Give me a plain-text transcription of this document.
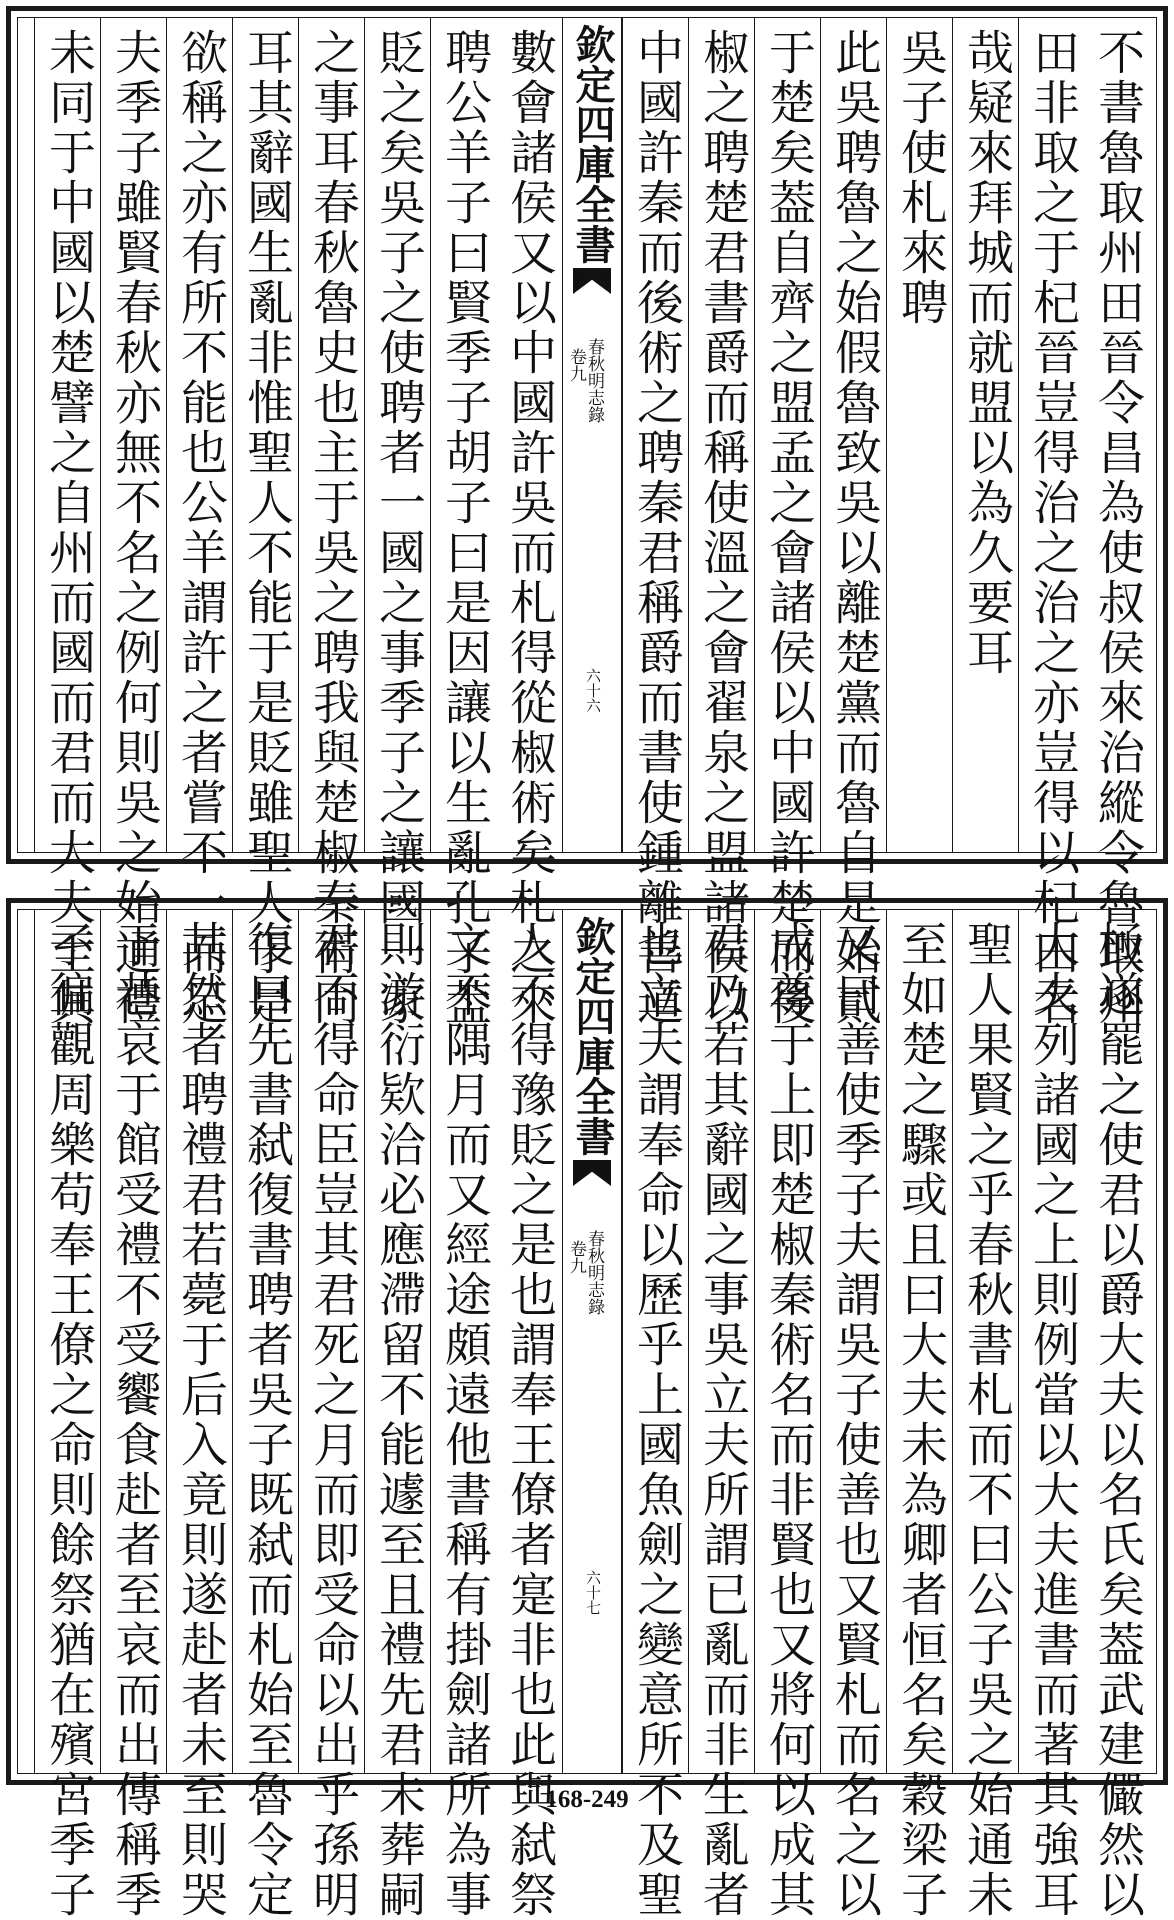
不書魯取州田晉令昌為使叔侯來治縱令魯取州
田非取之于杞晉豈得治之治之亦豈得以杞田名
哉疑來拜城而就盟以為久要耳
吳子使札來聘
此吳聘魯之始假魯致吳以離楚黨而魯自是始貳
于楚矣葢自齊之盟孟之會諸侯以中國許楚而後
椒之聘楚君書爵而稱使溫之會翟泉之盟諸侯以
中國許秦而後術之聘秦君稱爵而書使鍾離善道
欽定四庫全書
春秋明志錄
卷九
六十六
數會諸侯又以中國許吳而札得從椒術矣札之來
聘公羊子曰賢季子胡子曰是因讓以生亂孔子葢
貶之矣吳子之使聘者一國之事季子之讓國一家
之事耳春秋魯史也主于吳之聘我與楚椒秦術同
耳其辭國生亂非惟聖人不能于是貶雖聖人于是
欲稱之亦有所不能也公羊謂許之者嘗不一而足
夫季子雖賢春秋亦無不名之例何則吳之始通禮
未同于中國以楚譬之自州而國而君而大夫至其
極遂罷之使君以爵大夫以名氏矣葢武建儼然以
大夫列諸國之上則例當以大夫進書而著其強耳
聖人果賢之乎春秋書札而不曰公子吳之始通未
至如楚之驟或且曰大夫未為卿者恒名矣穀梁子
又曰善使季子夫謂吳子使善也又賢札而名之以
成尊于上即楚椒秦術名而非賢也又將何以成其
君乃若其辭國之事吳立夫所謂已亂而非生亂者
也立夫謂奉命以歷乎上國魚劍之變意所不及聖
欽定四庫全書
春秋明志錄
卷九
六十七
人不得豫貶之是也謂奉王僚者寔非也此與弑祭
文不隅月而又經途頗遠他書稱有掛劍諸所為事
則游衍欵洽必應滯留不能遽至且禮先君未葬嗣
君不得命臣豈其君死之月而即受命以出乎孫明
復曰先書弑復書聘者吳子既弑而札始至魯令定
其然者聘禮君若薨于后入竟則遂赴者未至則哭
于巷哀于館受禮不受饗食赴者至哀而出傳稱季
子徧觀周樂苟奉王僚之命則餘祭猶在殯宮季子	168-249
